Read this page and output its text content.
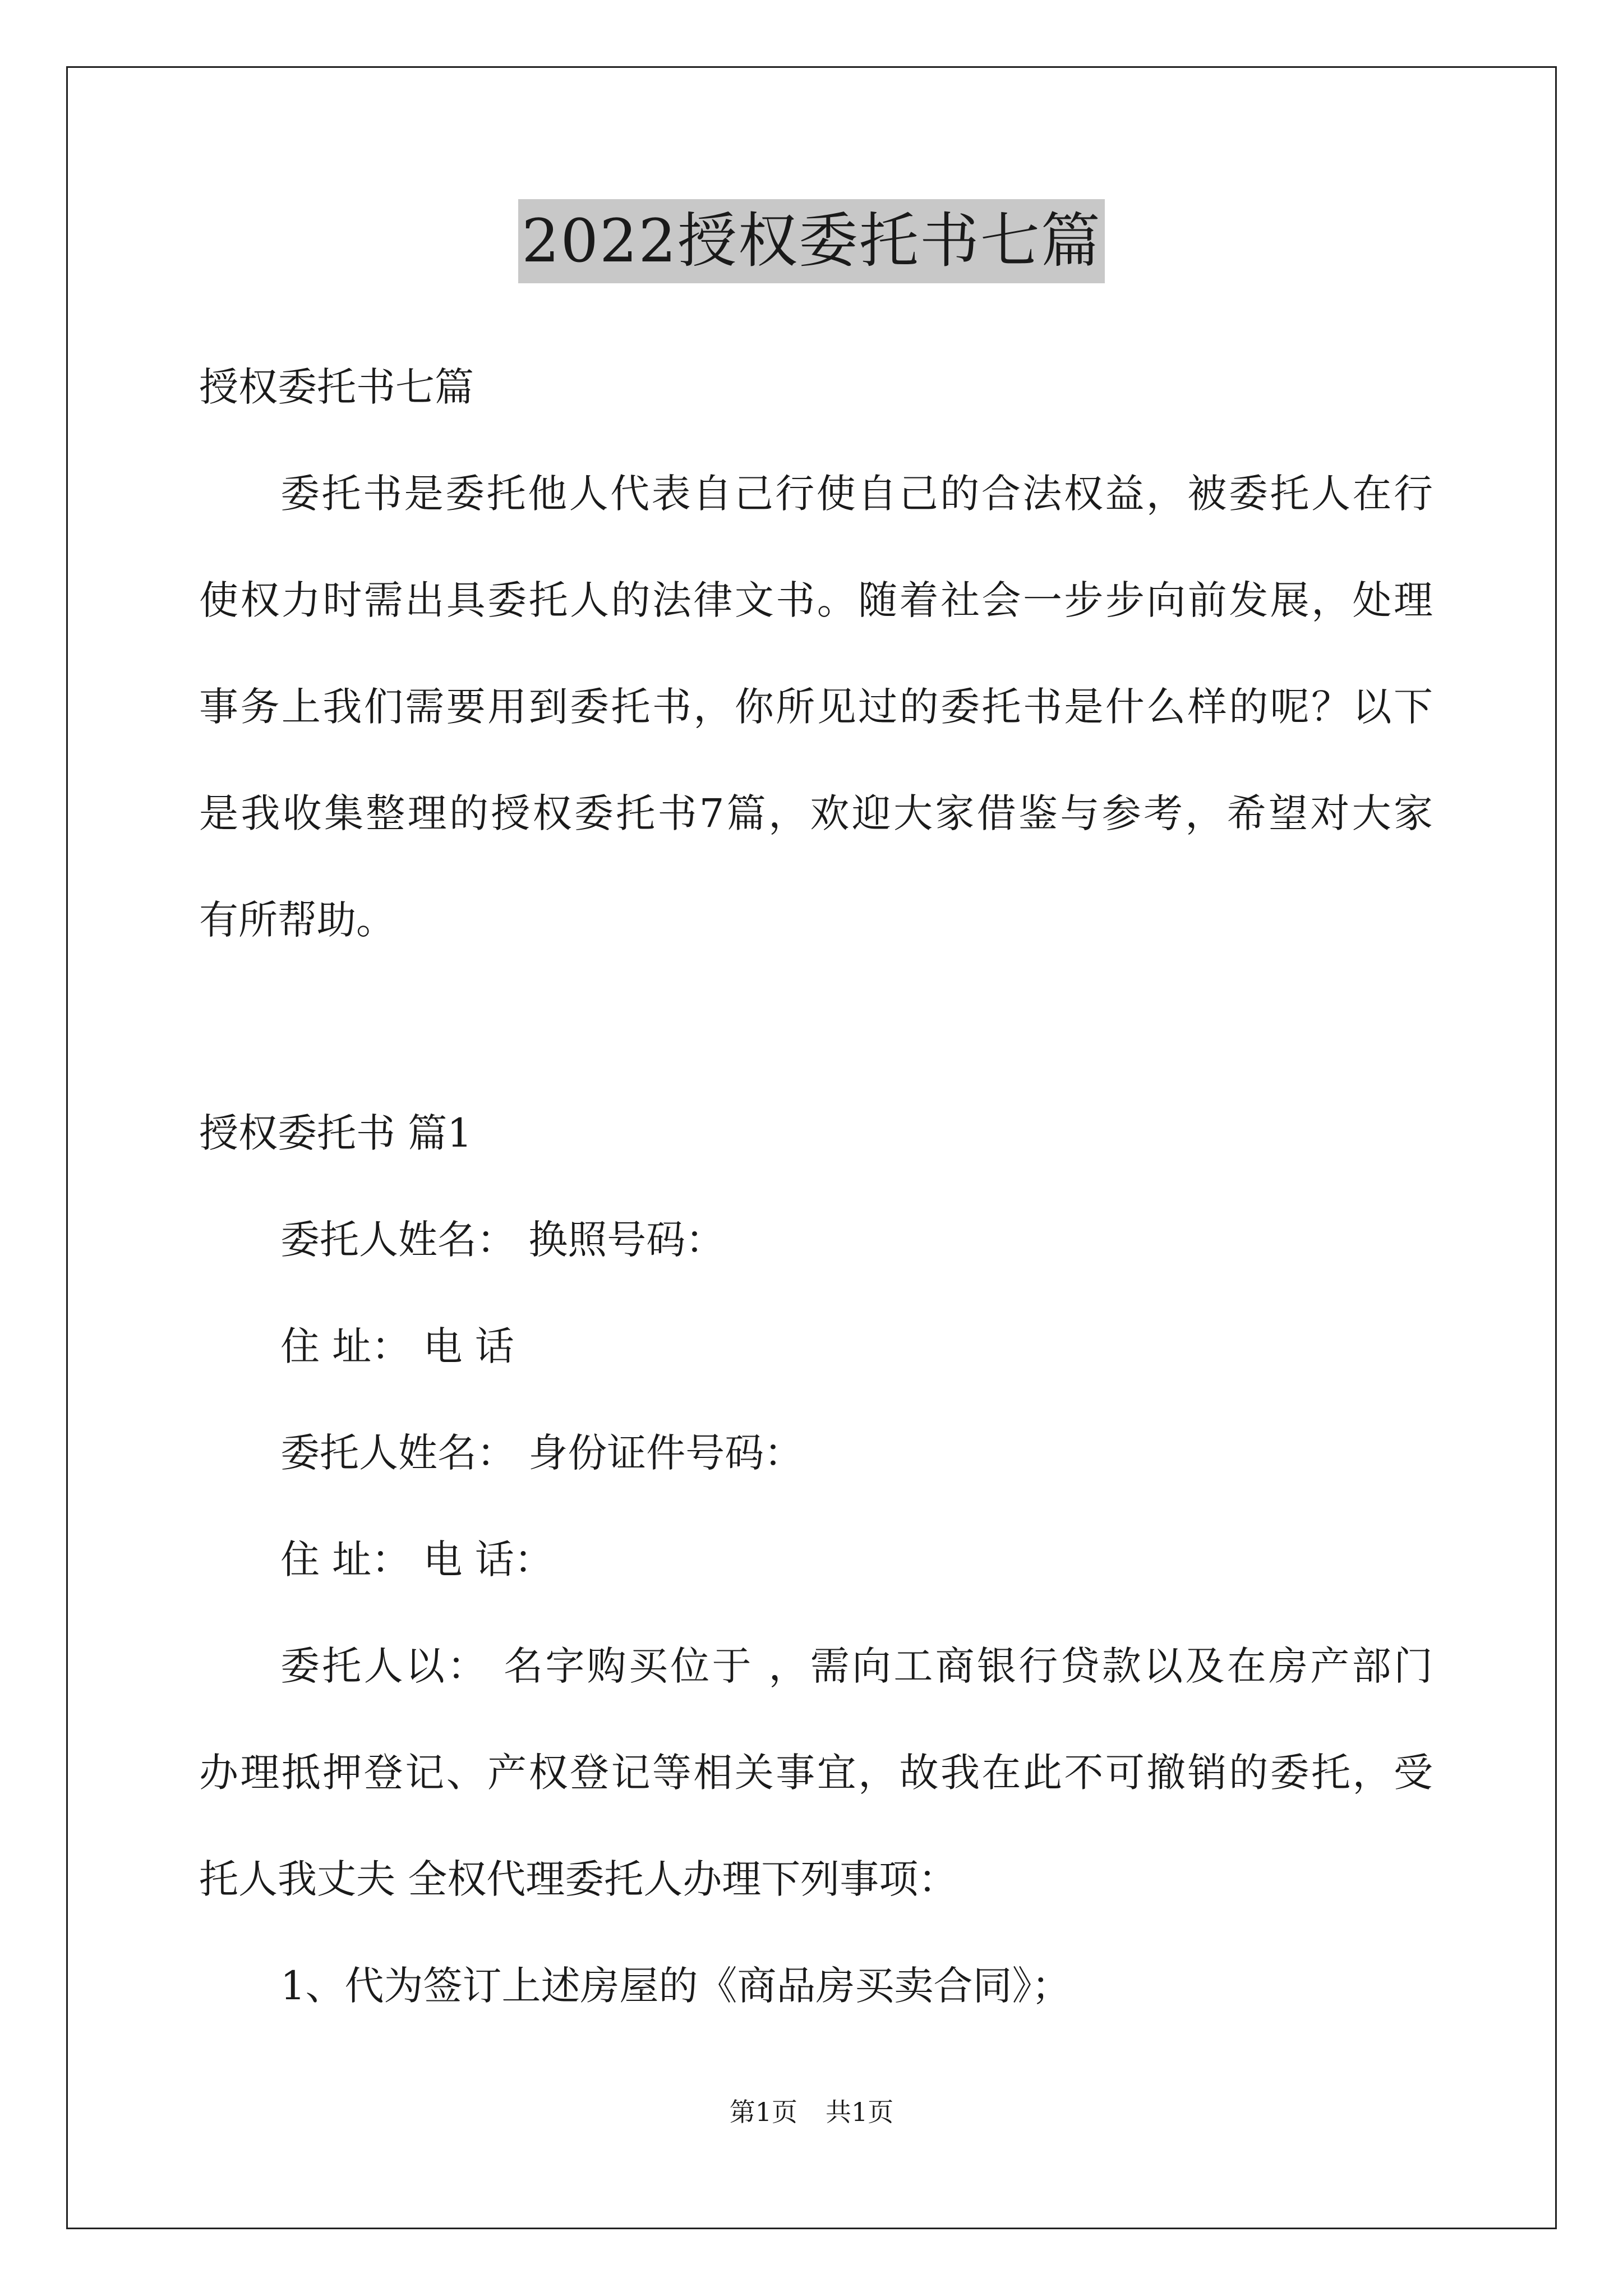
2022授权委托书七篇
授权委托书七篇
委托书是委托他人代表自己行使自己的合法权益，被委托人在行
使权力时需出具委托人的法律文书。随着社会一步步向前发展，处理
事务上我们需要用到委托书，你所见过的委托书是什么样的呢？以下
是我收集整理的授权委托书7篇，欢迎大家借鉴与参考，希望对大家
有所帮助。
授权委托书 篇1
委托人姓名： 换照号码：
住 址： 电 话
委托人姓名： 身份证件号码：
住 址： 电 话：
委托人以： 名字购买位于 ，需向工商银行贷款以及在房产部门
办理抵押登记、产权登记等相关事宜，故我在此不可撤销的委托，受
托人我丈夫 全权代理委托人办理下列事项：
1、代为签订上述房屋的《商品房买卖合同》；
第1页 共1页
